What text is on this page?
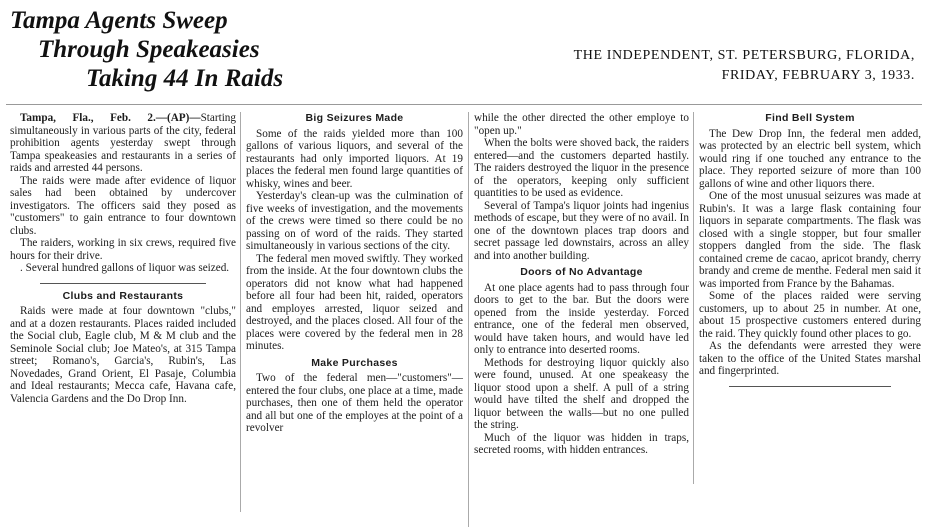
Tampa Agents Sweep
Through Speakeasies
Taking 44 In Raids
THE INDEPENDENT, ST. PETERSBURG, FLORIDA,
FRIDAY, FEBRUARY 3, 1933.

Tampa, Fla., Feb. 2.—(AP)—Starting simultaneously in various parts of the city, federal prohibition agents yesterday swept through Tampa speakeasies and restaurants in a series of raids and arrested 44 persons.

The raids were made after evidence of liquor sales had been obtained by undercover investigators. The officers said they posed as "customers" to gain entrance to four downtown clubs.

The raiders, working in six crews, required five hours for their drive.

. Several hundred gallons of liquor was seized.

Clubs and Restaurants

Raids were made at four downtown "clubs," and at a dozen restaurants. Places raided included the Social club, Eagle club, M & M club and the Seminole Social club; Joe Mateo's, at 315 Tampa street; Romano's, Garcia's, Rubin's, Las Novedades, Grand Orient, El Pasaje, Columbia and Ideal restaurants; Mecca cafe, Havana cafe, Valencia Gardens and the Do Drop Inn.

Big Seizures Made

Some of the raids yielded more than 100 gallons of various liquors, and several of the restaurants had only imported liquors. At 19 places the federal men found large quantities of whisky, wines and beer.

Yesterday's clean-up was the culmination of five weeks of investigation, and the movements of the crews were timed so there could be no passing on of word of the raids. They started simultaneously in various sections of the city.

The federal men moved swiftly. They worked from the inside. At the four downtown clubs the operators did not know what had happened before all four had been hit, raided, operators and employes arrested, liquor seized and destroyed, and the places closed. All four of the places were covered by the federal men in 28 minutes.

Make Purchases

Two of the federal men—"customers"—entered the four clubs, one place at a time, made purchases, then one of them held the operator and all but one of the employes at the point of a revolver

while the other directed the other employe to "open up."

When the bolts were shoved back, the raiders entered—and the customers departed hastily. The raiders destroyed the liquor in the presence of the operators, keeping only sufficient quantities to be used as evidence.

Several of Tampa's liquor joints had ingenius methods of escape, but they were of no avail. In one of the downtown places trap doors and secret passage led downstairs, across an alley and into another building.

Doors of No Advantage

At one place agents had to pass through four doors to get to the bar. But the doors were opened from the inside yesterday. Forced entrance, one of the federal men observed, would have taken hours, and would have led only to entrance into deserted rooms.

Methods for destroying liquor quickly also were found, unused. At one speakeasy the liquor stood upon a shelf. A pull of a string would have tilted the shelf and dropped the liquor between the walls—but no one pulled the string.

Much of the liquor was hidden in traps, secreted rooms, with hidden entrances.

Find Bell System

The Dew Drop Inn, the federal men added, was protected by an electric bell system, which would ring if one touched any entrance to the place. They reported seizure of more than 100 gallons of wine and other liquors there.

One of the most unusual seizures was made at Rubin's. It was a large flask containing four liquors in separate compartments. The flask was closed with a single stopper, but four smaller stoppers dangled from the side. The flask contained creme de cacao, apricot brandy, cherry brandy and creme de menthe. Federal men said it was imported from France by the Bahamas.

Some of the places raided were serving customers, up to about 25 in number. At one, about 15 prospective customers entered during the raid. They quickly found other places to go.

As the defendants were arrested they were taken to the office of the United States marshal and fingerprinted.
